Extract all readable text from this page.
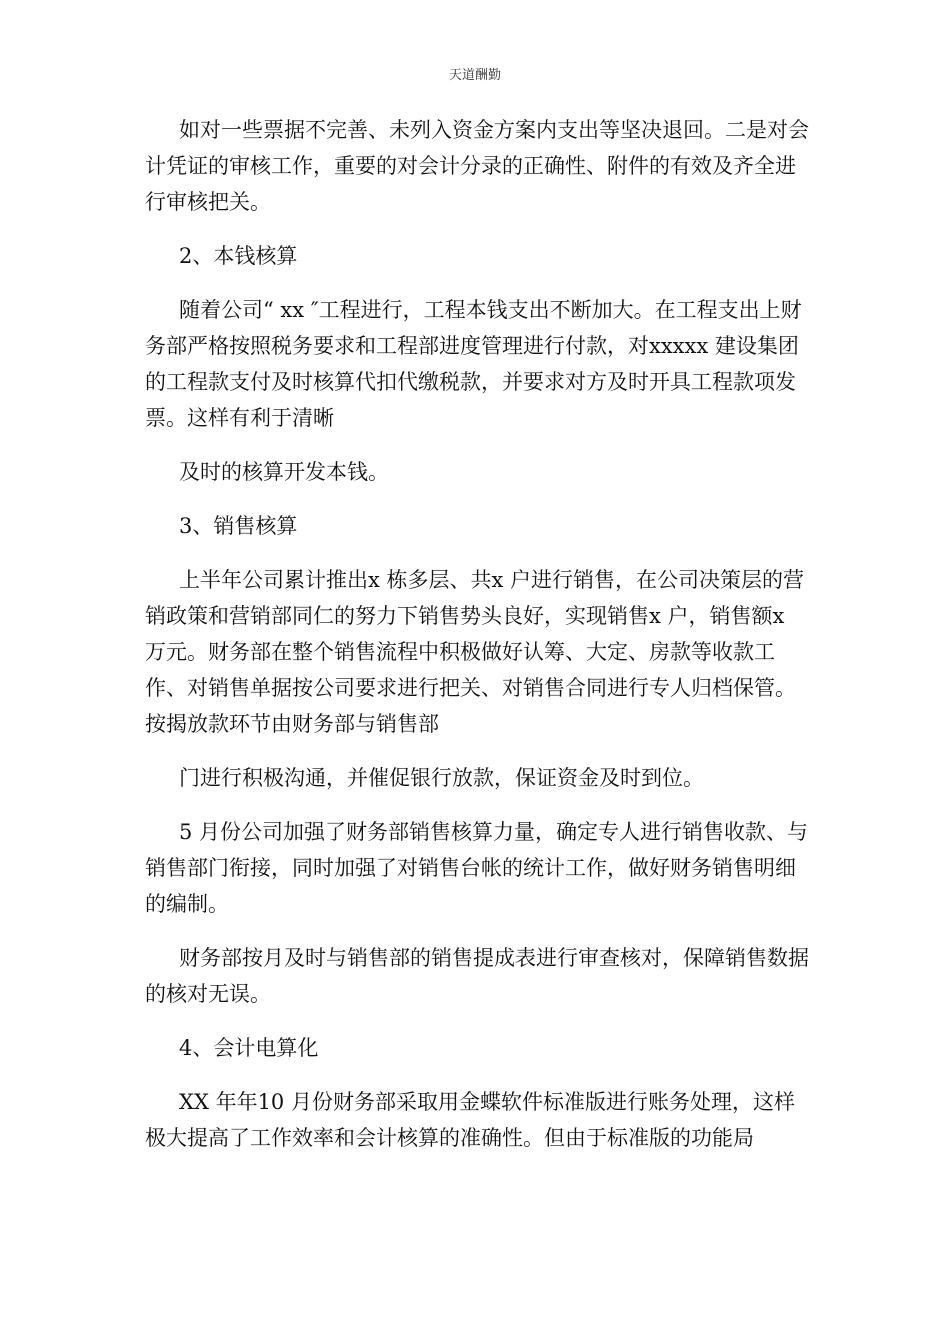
天道酬勤

如对一些票据不完善、未列入资金方案内支出等坚决退回。二是对会计凭证的审核工作，重要的对会计分录的正确性、附件的有效及齐全进行审核把关。

2、本钱核算

随着公司“ xx ″工程进行，工程本钱支出不断加大。在工程支出上财务部严格按照税务要求和工程部进度管理进行付款，对xxxxx 建设集团的工程款支付及时核算代扣代缴税款，并要求对方及时开具工程款项发票。这样有利于清晰

及时的核算开发本钱。

3、销售核算

上半年公司累计推出x 栋多层、共x 户进行销售，在公司决策层的营销政策和营销部同仁的努力下销售势头良好，实现销售x 户，销售额x 万元。财务部在整个销售流程中积极做好认筹、大定、房款等收款工作、对销售单据按公司要求进行把关、对销售合同进行专人归档保管。按揭放款环节由财务部与销售部

门进行积极沟通，并催促银行放款，保证资金及时到位。

5 月份公司加强了财务部销售核算力量，确定专人进行销售收款、与销售部门衔接，同时加强了对销售台帐的统计工作，做好财务销售明细的编制。

财务部按月及时与销售部的销售提成表进行审查核对，保障销售数据的核对无误。

4、会计电算化

XX 年年10 月份财务部采取用金蝶软件标准版进行账务处理，这样极大提高了工作效率和会计核算的准确性。但由于标准版的功能局
